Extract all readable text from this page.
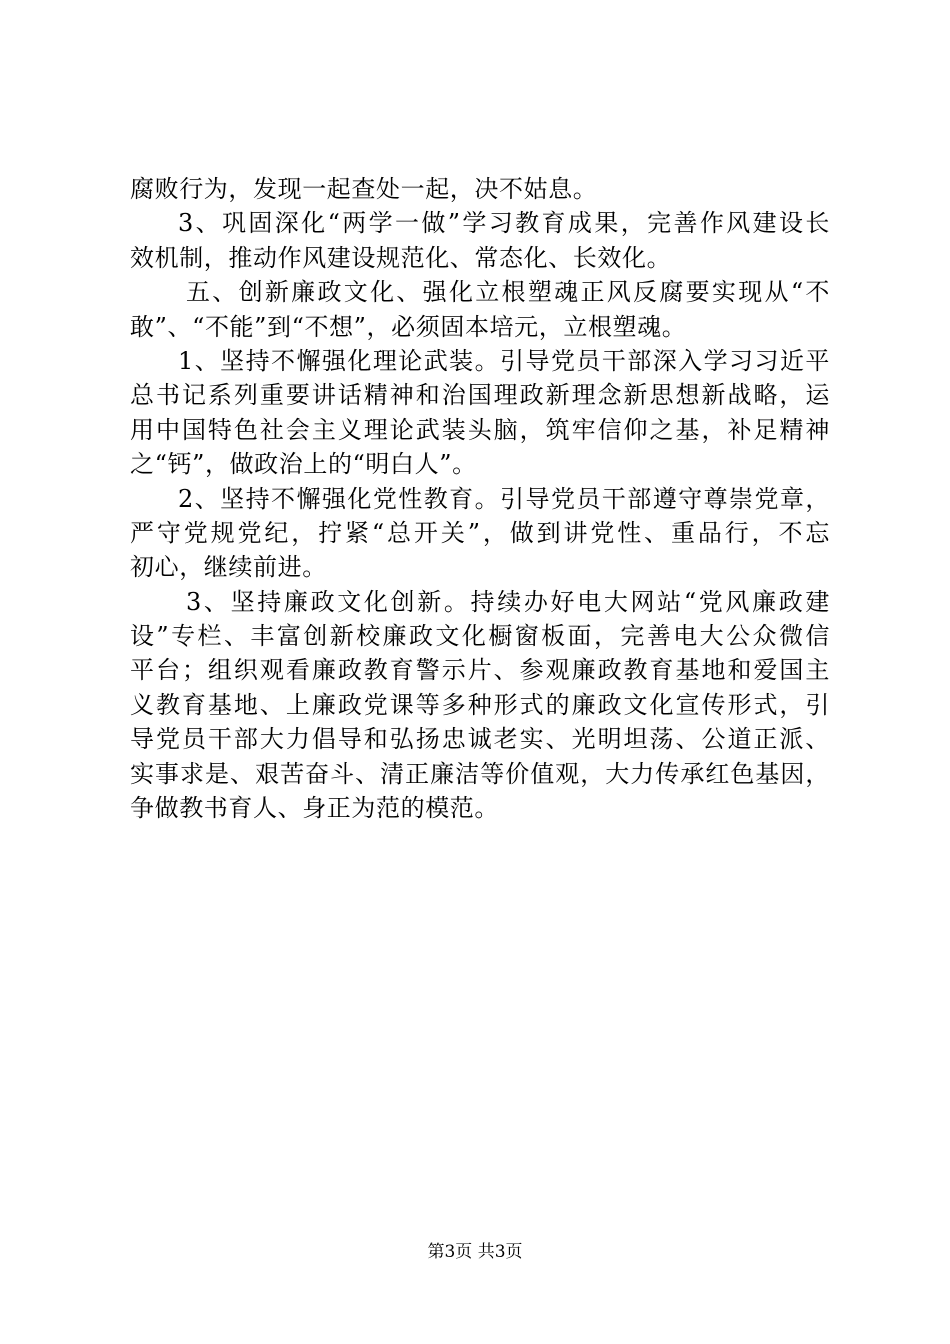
腐败行为，发现一起查处一起，决不姑息。
3、巩固深化“两学一做”学习教育成果，完善作风建设长
效机制，推动作风建设规范化、常态化、长效化。
五、创新廉政文化、强化立根塑魂正风反腐要实现从“不
敢”、“不能”到“不想”，必须固本培元，立根塑魂。
1、坚持不懈强化理论武装。引导党员干部深入学习习近平
总书记系列重要讲话精神和治国理政新理念新思想新战略，运
用中国特色社会主义理论武装头脑，筑牢信仰之基，补足精神
之“钙”，做政治上的“明白人”。
2、坚持不懈强化党性教育。引导党员干部遵守尊崇党章，
严守党规党纪，拧紧“总开关”，做到讲党性、重品行，不忘
初心，继续前进。
3、坚持廉政文化创新。持续办好电大网站“党风廉政建
设”专栏、丰富创新校廉政文化橱窗板面，完善电大公众微信
平台；组织观看廉政教育警示片、参观廉政教育基地和爱国主
义教育基地、上廉政党课等多种形式的廉政文化宣传形式，引
导党员干部大力倡导和弘扬忠诚老实、光明坦荡、公道正派、
实事求是、艰苦奋斗、清正廉洁等价值观，大力传承红色基因，
争做教书育人、身正为范的模范。
第3页 共3页
